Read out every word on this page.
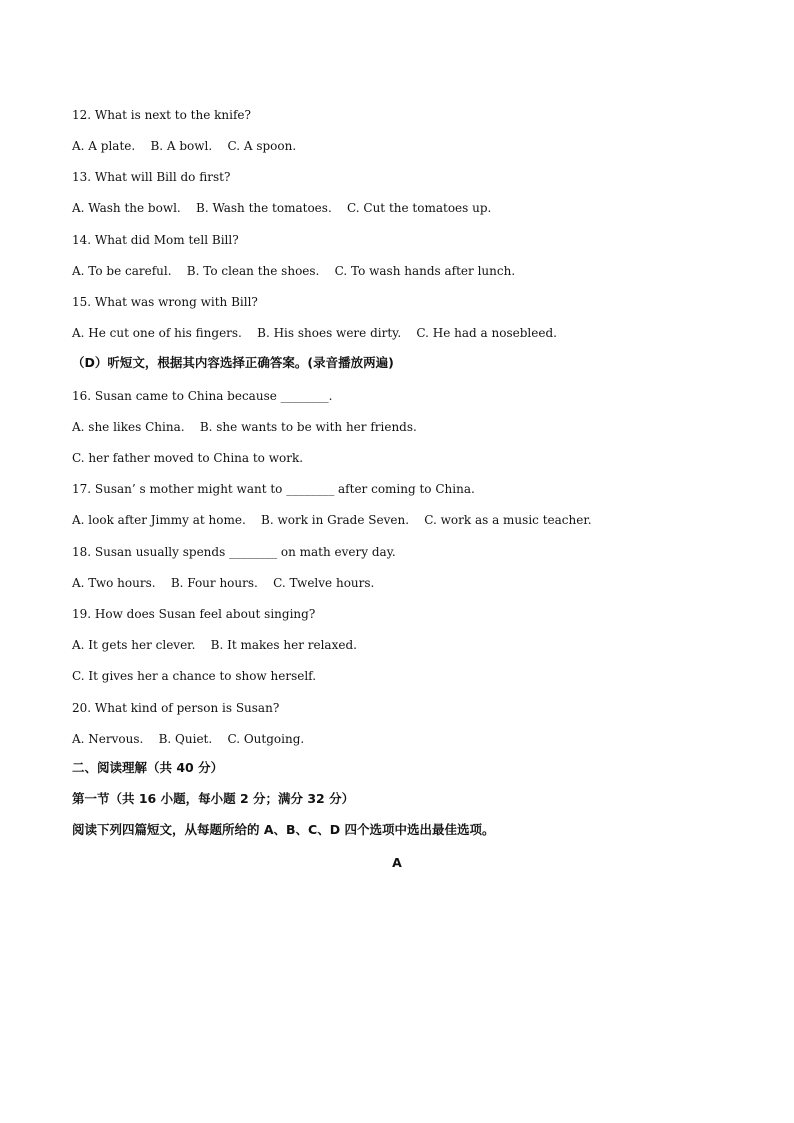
12. What is next to the knife?
A. A plate.    B. A bowl.    C. A spoon.
13. What will Bill do first?
A. Wash the bowl.    B. Wash the tomatoes.    C. Cut the tomatoes up.
14. What did Mom tell Bill?
A. To be careful.    B. To clean the shoes.    C. To wash hands after lunch.
15. What was wrong with Bill?
A. He cut one of his fingers.    B. His shoes were dirty.    C. He had a nosebleed.
（D）听短文，根据其内容选择正确答案。(录音播放两遍)
16. Susan came to China because ________.
A. she likes China.    B. she wants to be with her friends.
C. her father moved to China to work.
17. Susan’ s mother might want to ________ after coming to China.
A. look after Jimmy at home.    B. work in Grade Seven.    C. work as a music teacher.
18. Susan usually spends ________ on math every day.
A. Two hours.    B. Four hours.    C. Twelve hours.
19. How does Susan feel about singing?
A. It gets her clever.    B. It makes her relaxed.
C. It gives her a chance to show herself.
20. What kind of person is Susan?
A. Nervous.    B. Quiet.    C. Outgoing.
二、阅读理解（共 40 分）
第一节（共 16 小题，每小题 2 分；满分 32 分）
阅读下列四篇短文，从每题所给的 A、B、C、D 四个选项中选出最佳选项。
A
